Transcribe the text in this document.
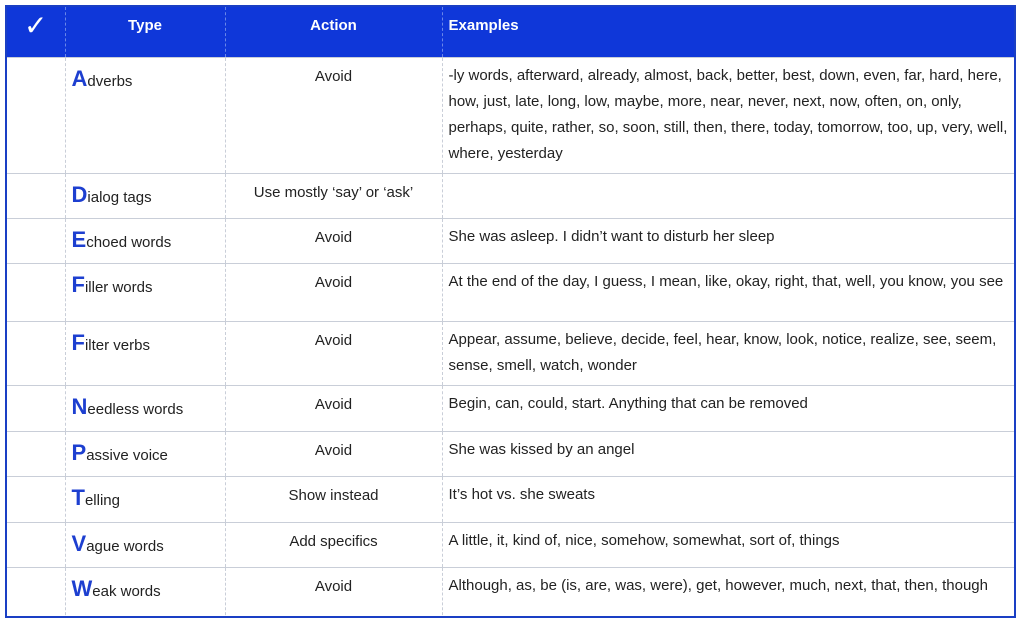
✓	Type	Action	Examples
	Adverbs	Avoid	-ly words, afterward, already, almost, back, better, best, down, even, far, hard, here, how, just, late, long, low, maybe, more, near, never, next, now, often, on, only, perhaps, quite, rather, so, soon, still, then, there, today, tomorrow, too, up, very, well, where, yesterday
	Dialog tags	Use mostly ‘say’ or ‘ask’	
	Echoed words	Avoid	She was asleep. I didn’t want to disturb her sleep
	Filler words	Avoid	At the end of the day, I guess, I mean, like, okay, right, that, well, you know, you see
	Filter verbs	Avoid	Appear, assume, believe, decide, feel, hear, know, look, notice, realize, see, seem, sense, smell, watch, wonder
	Needless words	Avoid	Begin, can, could, start. Anything that can be removed
	Passive voice	Avoid	She was kissed by an angel
	Telling	Show instead	It’s hot vs. she sweats
	Vague words	Add specifics	A little, it, kind of, nice, somehow, somewhat, sort of, things
	Weak words	Avoid	Although, as, be (is, are, was, were), get, however, much, next, that, then, though
